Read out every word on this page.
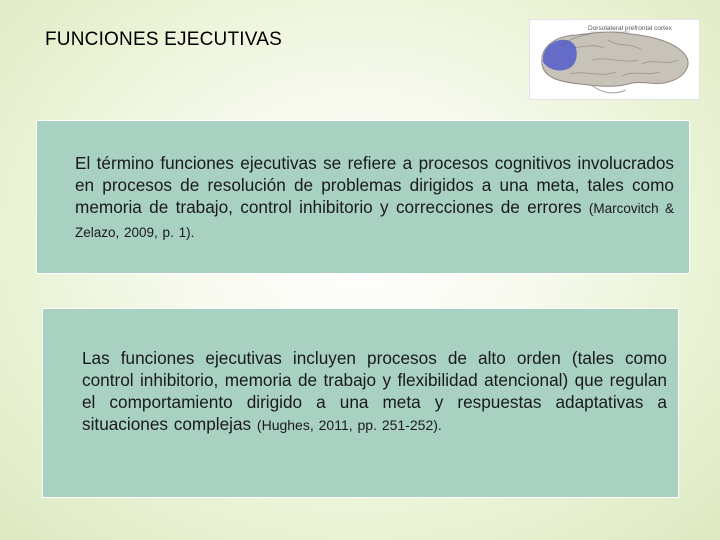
FUNCIONES EJECUTIVAS
Dorsolateral prefrontal cortex
El término funciones ejecutivas se refiere a procesos cognitivos involucrados en procesos de resolución de problemas dirigidos a una meta, tales como memoria de trabajo, control inhibitorio y correcciones de errores (Marcovitch & Zelazo, 2009, p. 1).
Las funciones ejecutivas incluyen procesos de alto orden (tales como control inhibitorio, memoria de trabajo y flexibilidad atencional) que regulan el comportamiento dirigido a una meta y respuestas adaptativas a situaciones complejas (Hughes, 2011, pp. 251-252).
